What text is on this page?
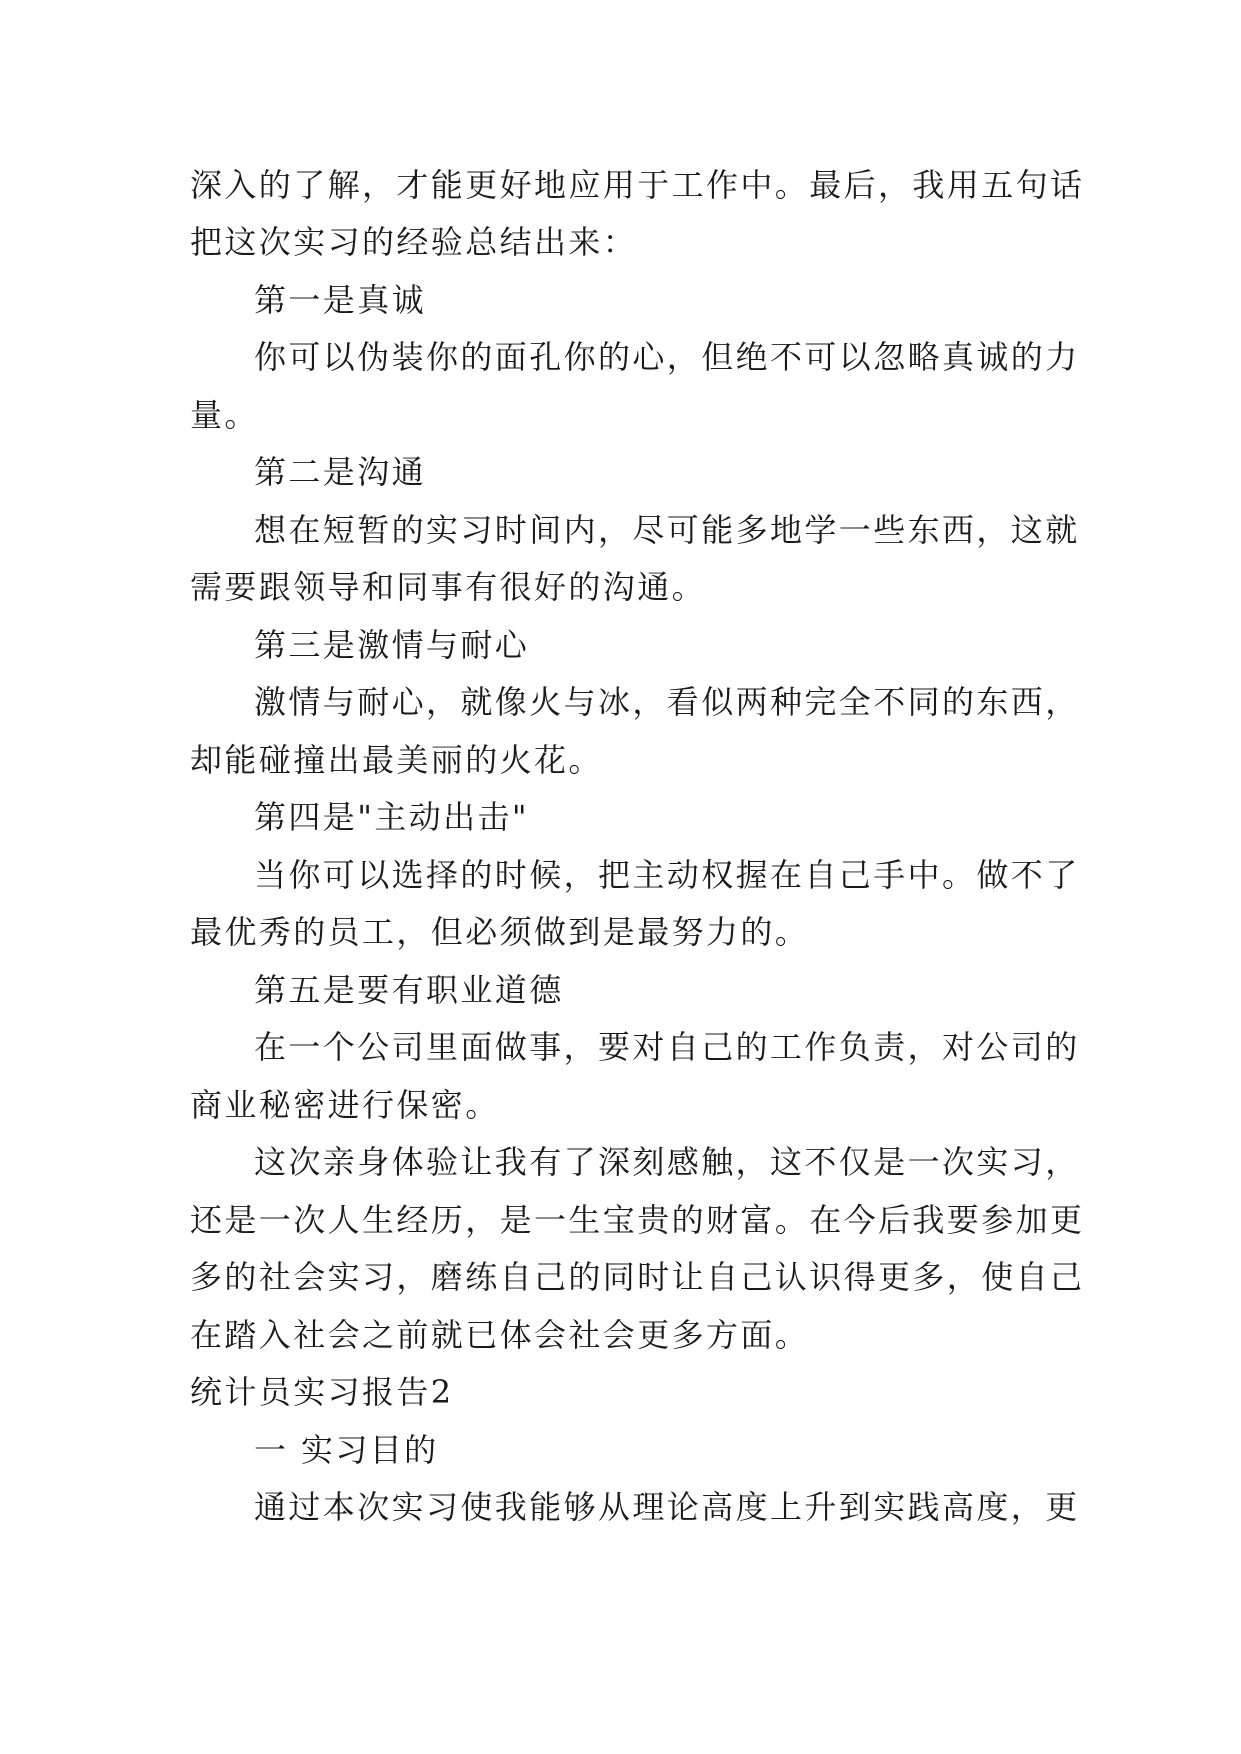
深入的了解，才能更好地应用于工作中。最后，我用五句话
把这次实习的经验总结出来：
第一是真诚
你可以伪装你的面孔你的心，但绝不可以忽略真诚的力
量。
第二是沟通
想在短暂的实习时间内，尽可能多地学一些东西，这就
需要跟领导和同事有很好的沟通。
第三是激情与耐心
激情与耐心，就像火与冰，看似两种完全不同的东西，
却能碰撞出最美丽的火花。
第四是"主动出击"
当你可以选择的时候，把主动权握在自己手中。做不了
最优秀的员工，但必须做到是最努力的。
第五是要有职业道德
在一个公司里面做事，要对自己的工作负责，对公司的
商业秘密进行保密。
这次亲身体验让我有了深刻感触，这不仅是一次实习，
还是一次人生经历，是一生宝贵的财富。在今后我要参加更
多的社会实习，磨练自己的同时让自己认识得更多，使自己
在踏入社会之前就已体会社会更多方面。
统计员实习报告2
一 实习目的
通过本次实习使我能够从理论高度上升到实践高度，更
